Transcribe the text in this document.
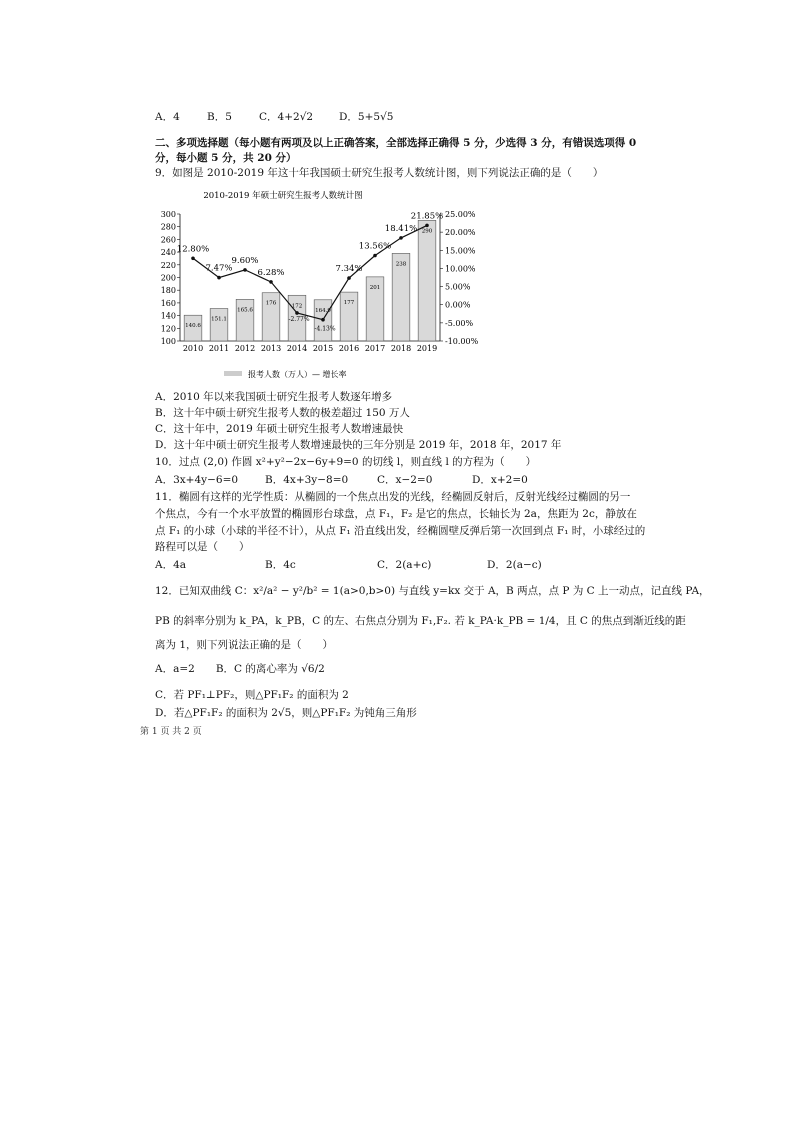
A．4	B．5	C．4+2√2	D．5+5√5
二、多项选择题（每小题有两项及以上正确答案，全部选择正确得 5 分，少选得 3 分，有错误选项得 0
分，每小题 5 分，共 20 分）
9．如图是 2010-2019 年这十年我国硕士研究生报考人数统计图，则下列说法正确的是（　　）
2010-2019 年硕士研究生报考人数统计图
100
120
140
160
180
200
220
240
260
280
300
-10.00%
-5.00%
0.00%
5.00%
10.00%
15.00%
20.00%
25.00%
140.6
2010
151.1
2011
165.6
2012
176
2013
172
2014
164.9
2015
177
2016
201
2017
238
2018
290
2019
12.80%
7.47%
9.60%
6.28%
-2.77%
-4.13%
7.34%
13.56%
18.41%
21.85%
报考人数（万人）— 增长率
A．2010 年以来我国硕士研究生报考人数逐年增多
B．这十年中硕士研究生报考人数的极差超过 150 万人
C．这十年中，2019 年硕士研究生报考人数增速最快
D．这十年中硕士研究生报考人数增速最快的三年分别是 2019 年，2018 年，2017 年
10．过点 (2,0) 作圆 x²+y²−2x−6y+9=0 的切线 l，则直线 l 的方程为（　　）
A．3x+4y−6=0	B．4x+3y−8=0	C．x−2=0	D．x+2=0
11．椭圆有这样的光学性质：从椭圆的一个焦点出发的光线，经椭圆反射后，反射光线经过椭圆的另一
个焦点，今有一个水平放置的椭圆形台球盘，点 F₁，F₂ 是它的焦点，长轴长为 2a，焦距为 2c，静放在
点 F₁ 的小球（小球的半径不计），从点 F₁ 沿直线出发，经椭圆壁反弹后第一次回到点 F₁ 时，小球经过的
路程可以是（　　）
A．4a	B．4c	C．2(a+c)	D．2(a−c)
12．已知双曲线 C：x²/a² − y²/b² = 1(a>0,b>0) 与直线 y=kx 交于 A，B 两点，点 P 为 C 上一动点，记直线 PA，
PB 的斜率分别为 k_PA，k_PB，C 的左、右焦点分别为 F₁,F₂. 若 k_PA·k_PB = 1/4，且 C 的焦点到渐近线的距
离为 1，则下列说法正确的是（　　）
A．a=2　　B．C 的离心率为 √6/2
C．若 PF₁⊥PF₂，则△PF₁F₂ 的面积为 2
D．若△PF₁F₂ 的面积为 2√5，则△PF₁F₂ 为钝角三角形
第 1 页 共 2 页
